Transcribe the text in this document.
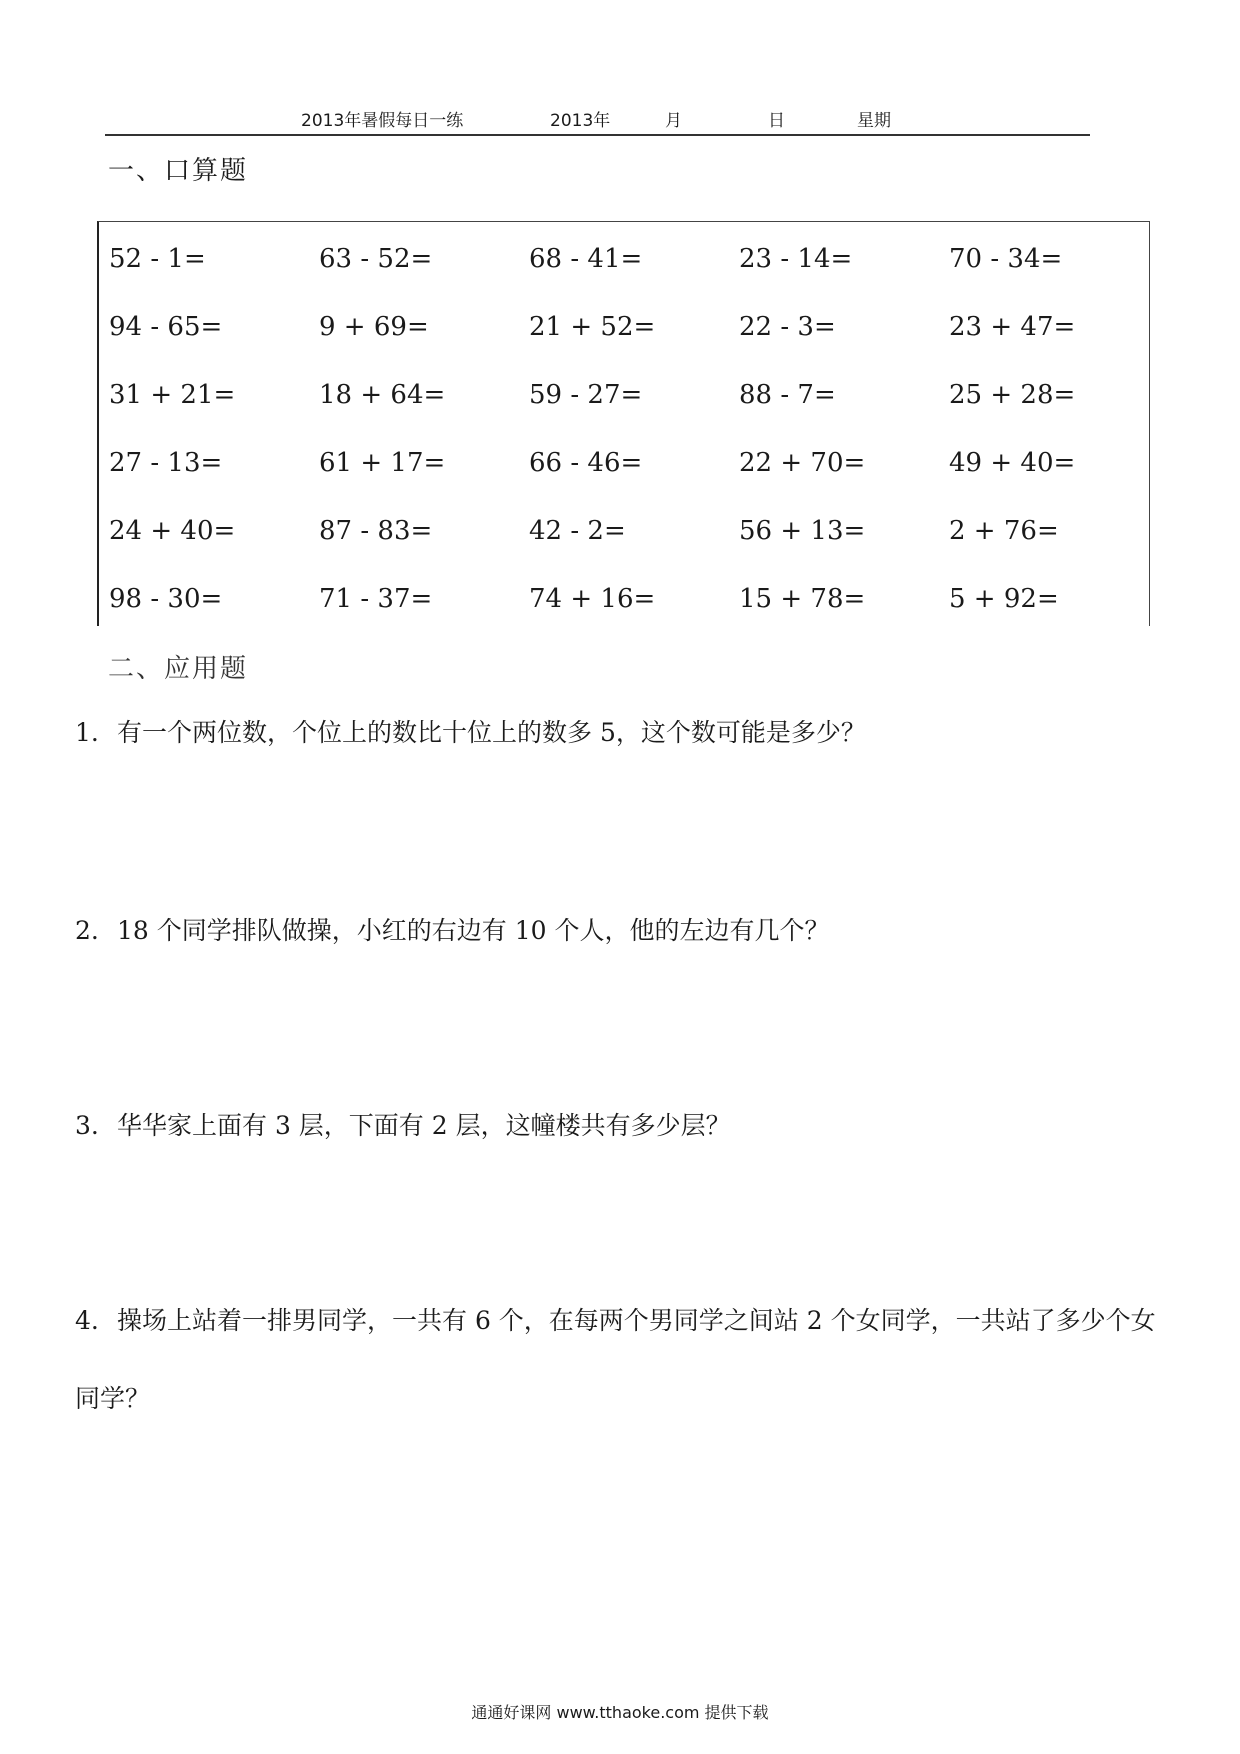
2013年暑假每日一练	2013年	月	日	星期
一、口算题
52 - 1=	63 - 52=	68 - 41=	23 - 14=	70 - 34=
94 - 65=	9 + 69=	21 + 52=	22 - 3=	23 + 47=
31 + 21=	18 + 64=	59 - 27=	88 - 7=	25 + 28=
27 - 13=	61 + 17=	66 - 46=	22 + 70=	49 + 40=
24 + 40=	87 - 83=	42 - 2=	56 + 13=	2 + 76=
98 - 30=	71 - 37=	74 + 16=	15 + 78=	5 + 92=
二、应用题
1. 有一个两位数，个位上的数比十位上的数多 5，这个数可能是多少？
2. 18 个同学排队做操，小红的右边有 10 个人，他的左边有几个？
3. 华华家上面有 3 层，下面有 2 层，这幢楼共有多少层？
4. 操场上站着一排男同学，一共有 6 个，在每两个男同学之间站 2 个女同学，一共站了多少个女同学？
通通好课网 www.tthaoke.com 提供下载
